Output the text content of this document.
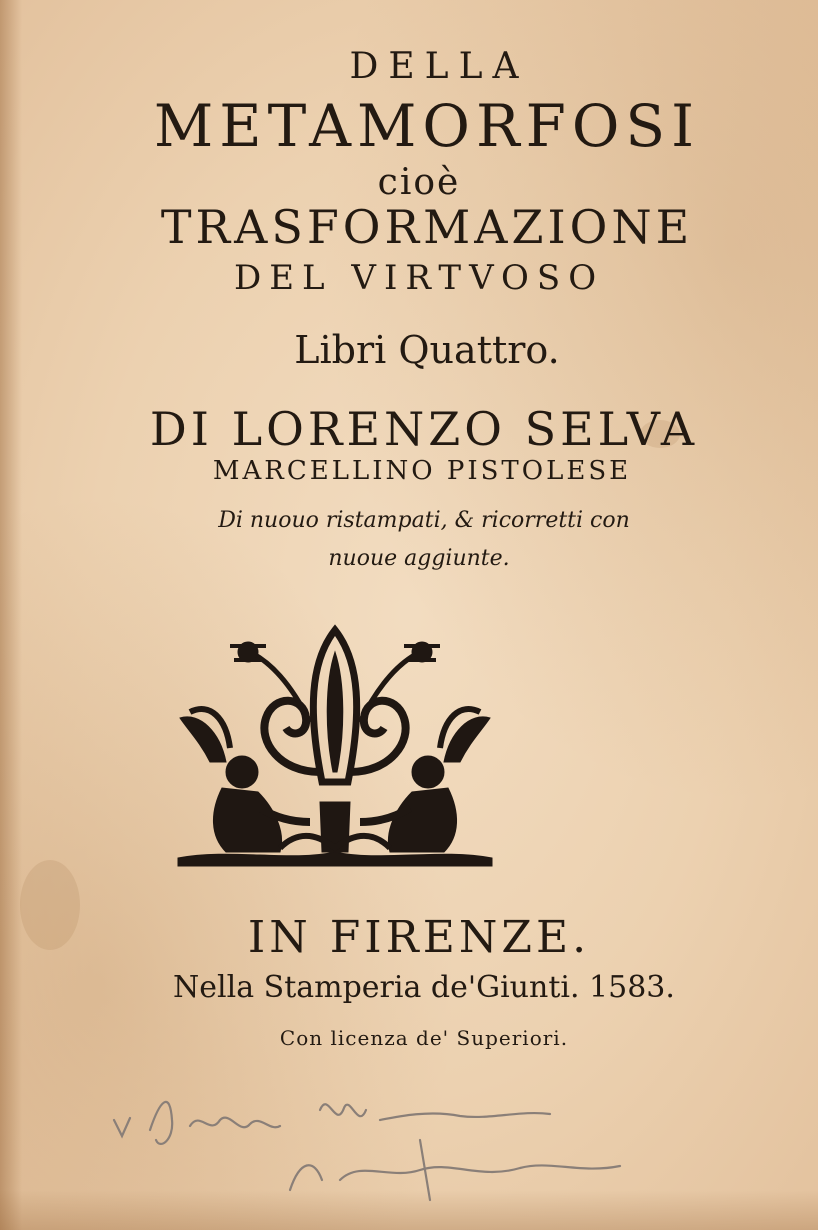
DELLA
METAMORFOSI
cioè
TRASFORMAZIONE
DEL VIRTVOSO
Libri Quattro.
DI LORENZO SELVA
MARCELLINO PISTOLESE
Di nuouo ristampati, & ricorretti con
nuoue aggiunte.
IN FIRENZE.
Nella Stamperia de'Giunti. 1583.
Con licenza de' Superiori.
